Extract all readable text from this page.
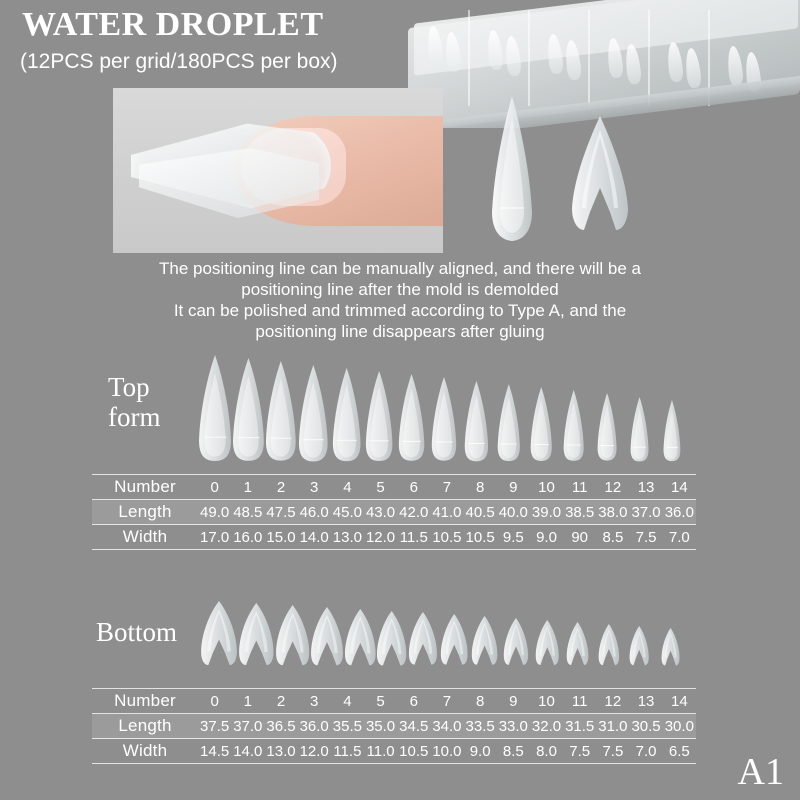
WATER DROPLET
(12PCS per grid/180PCS per box)

The positioning line can be manually aligned, and there will be a

positioning line after the mold is demolded

It can be polished and trimmed according to Type A, and the

positioning line disappears after gluing

Top
form
Number	0	1	2	3	4	5	6	7	8	9	10	11	12	13	14
Length	49.0	48.5	47.5	46.0	45.0	43.0	42.0	41.0	40.5	40.0	39.0	38.5	38.0	37.0	36.0
Width	17.0	16.0	15.0	14.0	13.0	12.0	11.5	10.5	10.5	9.5	9.0	90	8.5	7.5	7.0
Bottom
Number	0	1	2	3	4	5	6	7	8	9	10	11	12	13	14
Length	37.5	37.0	36.5	36.0	35.5	35.0	34.5	34.0	33.5	33.0	32.0	31.5	31.0	30.5	30.0
Width	14.5	14.0	13.0	12.0	11.5	11.0	10.5	10.0	9.0	8.5	8.0	7.5	7.5	7.0	6.5 A1
